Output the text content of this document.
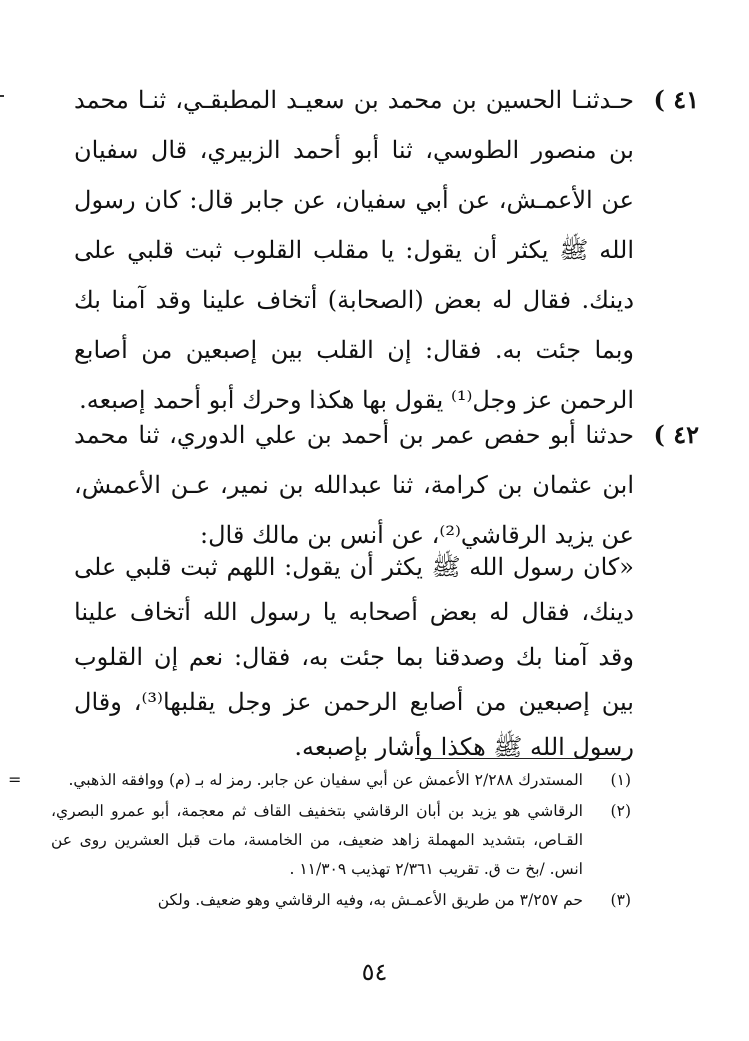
( ٤١

حـدثنـا الحسين بن محمد بن سعيـد المطبقـي، ثنـا محمد بن منصور الطوسي، ثنا أبو أحمد الزبيري، قال سفيان عن الأعمـش، عن أبي سفيان، عن جابر قال: كان رسول الله ﷺ يكثر أن يقول: يا مقلب القلوب ثبت قلبي على دينك. فقال له بعض (الصحابة) أتخاف علينا وقد آمنا بك وبما جئت به. فقال: إن القلب بين إصبعين من أصابع الرحمن عز وجل⁽¹⁾ يقول بها هكذا وحرك أبو أحمد إصبعه.

( ٤٢

حدثنا أبو حفص عمر بن أحمد بن علي الدوري، ثنا محمد ابن عثمان بن كرامة، ثنا عبدالله بن نمير، عـن الأعمش، عن يزيد الرقاشي⁽²⁾، عن أنس بن مالك قال:

«كان رسول الله ﷺ يكثر أن يقول: اللهم ثبت قلبي على دينك، فقال له بعض أصحابه يا رسول الله أتخاف علينا وقد آمنا بك وصدقنا بما جئت به، فقال: نعم إن القلوب بين إصبعين من أصابع الرحمن عز وجل يقلبها⁽³⁾، وقال رسول الله ﷺ هكذا وأشار بإصبعه.

=	(١)
المستدرك ٢/٢٨٨ الأعمش عن أبي سفيان عن جابر. رمز له بـ (م) ووافقه الذهبي.

(٢)
الرقاشي هو يزيد بن أبان الرقاشي بتخفيف القاف ثم معجمة، أبو عمرو البصري، القـاص، بتشديد المهملة زاهد ضعيف، من الخامسة، مات قبل العشرين روى عن انس. /بخ ت ق. تقريب ٢/٣٦١ تهذيب ١١/٣٠٩ .

(٣)
حم ٣/٢٥٧ من طريق الأعمـش به، وفيه الرقاشي وهو ضعيف. ولكن

٥٤
